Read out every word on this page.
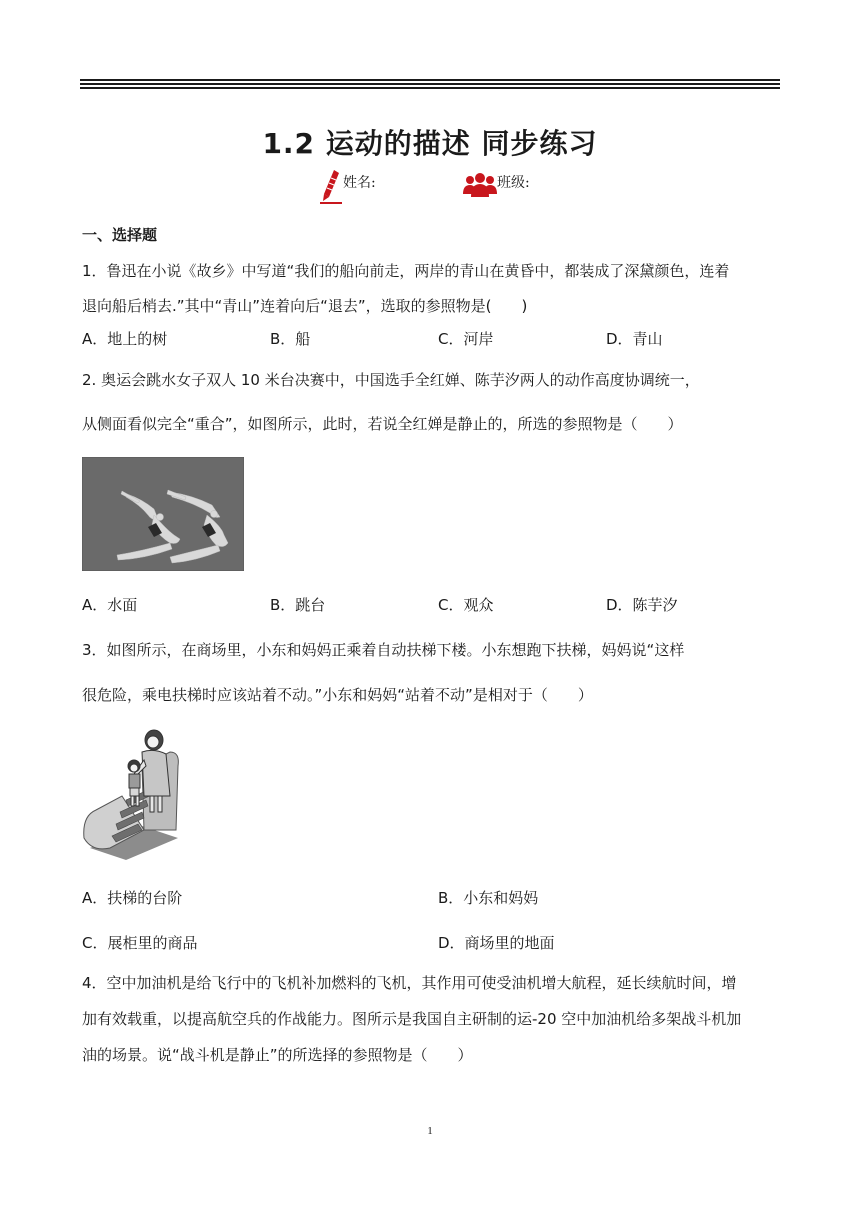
1.2 运动的描述 同步练习
姓名:	班级:
一、选择题
1．鲁迅在小说《故乡》中写道“我们的船向前走，两岸的青山在黄昏中，都装成了深黛颜色，连着
退向船后梢去.”其中“青山”连着向后“退去”，选取的参照物是(　　)
A．地上的树	B．船	C．河岸	D．青山
2. 奥运会跳水女子双人 10 米台决赛中，中国选手全红婵、陈芋汐两人的动作高度协调统一，
从侧面看似完全“重合”，如图所示，此时，若说全红婵是静止的，所选的参照物是（　　）
A．水面	B．跳台	C．观众	D．陈芋汐
3．如图所示，在商场里，小东和妈妈正乘着自动扶梯下楼。小东想跑下扶梯，妈妈说“这样
很危险，乘电扶梯时应该站着不动。”小东和妈妈“站着不动”是相对于（　　）
A．扶梯的台阶	B．小东和妈妈
C．展柜里的商品	D．商场里的地面
4．空中加油机是给飞行中的飞机补加燃料的飞机，其作用可使受油机增大航程，延长续航时间，增
加有效载重，以提高航空兵的作战能力。图所示是我国自主研制的运-20 空中加油机给多架战斗机加
油的场景。说“战斗机是静止”的所选择的参照物是（　　）
1
